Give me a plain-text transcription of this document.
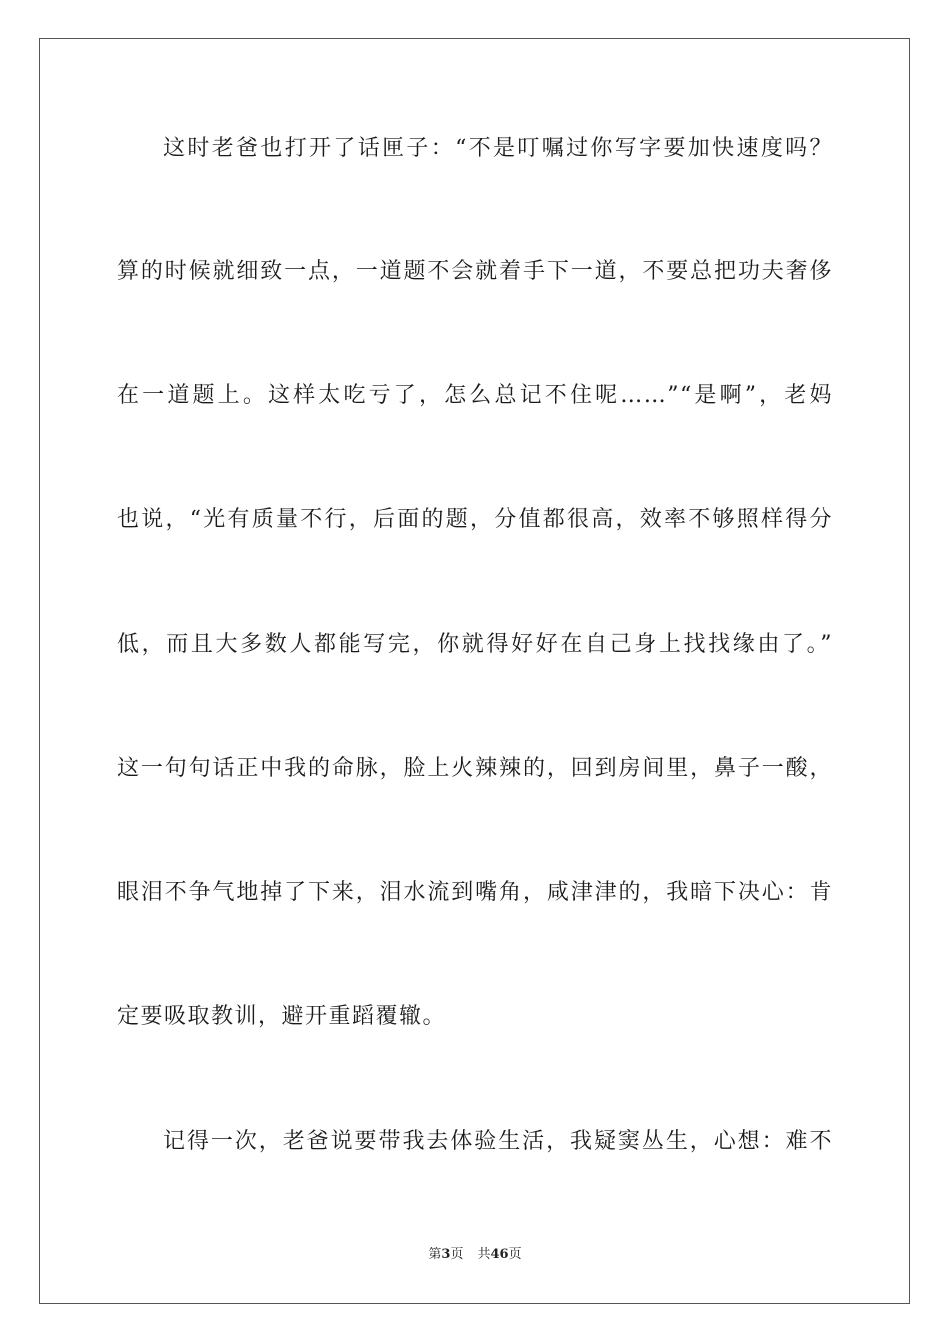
这时老爸也打开了话匣子：“不是叮嘱过你写字要加快速度吗？
算的时候就细致一点，一道题不会就着手下一道，不要总把功夫奢侈
在一道题上。这样太吃亏了，怎么总记不住呢……”“是啊”，老妈
也说，“光有质量不行，后面的题，分值都很高，效率不够照样得分
低，而且大多数人都能写完，你就得好好在自己身上找找缘由了。”
这一句句话正中我的命脉，脸上火辣辣的，回到房间里，鼻子一酸，
眼泪不争气地掉了下来，泪水流到嘴角，咸津津的，我暗下决心：肯
定要吸取教训，避开重蹈覆辙。
记得一次，老爸说要带我去体验生活，我疑窦丛生，心想：难不
第3页 共46页
